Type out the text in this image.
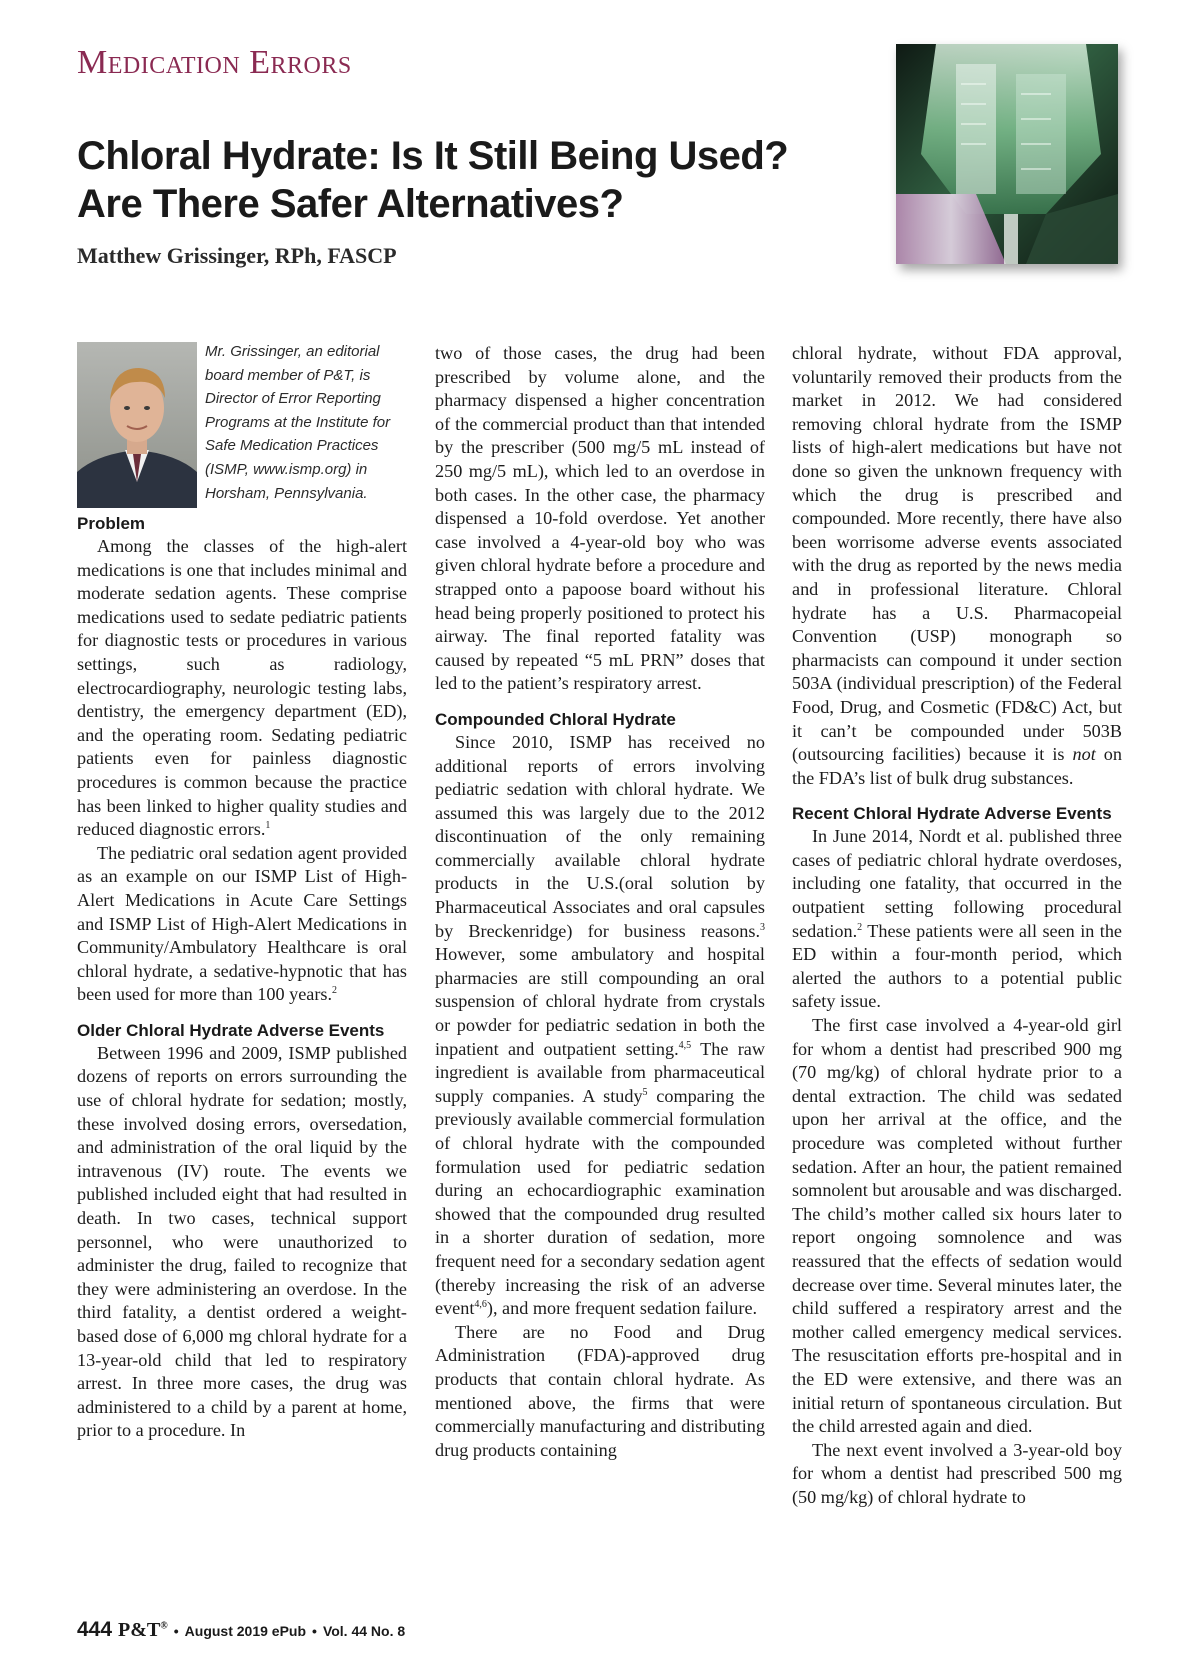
Medication Errors
Chloral Hydrate: Is It Still Being Used?
Are There Safer Alternatives?
Matthew Grissinger, RPh, FASCP
Mr. Grissinger, an editorial board member of P&T, is Director of Error Reporting Programs at the Institute for Safe Medication Practices (ISMP, www.ismp.org) in Horsham, Pennsylvania.
Problem

Among the classes of the high-alert medications is one that includes minimal and moderate sedation agents. These comprise medications used to sedate pediatric patients for diagnostic tests or procedures in various settings, such as radiology, electrocardiography, neurologic testing labs, dentistry, the emergency department (ED), and the operating room. Sedating pediatric patients even for painless diagnostic procedures is common because the practice has been linked to higher quality studies and reduced diagnostic errors.$^1$

The pediatric oral sedation agent provided as an example on our ISMP List of High-Alert Medications in Acute Care Settings and ISMP List of High-Alert Medications in Community/Ambulatory Healthcare is oral chloral hydrate, a sedative-hypnotic that has been used for more than 100 years.$^2$

Older Chloral Hydrate Adverse Events

Between 1996 and 2009, ISMP published dozens of reports on errors surrounding the use of chloral hydrate for sedation; mostly, these involved dosing errors, oversedation, and administration of the oral liquid by the intravenous (IV) route. The events we published included eight that had resulted in death. In two cases, technical support personnel, who were unauthorized to administer the drug, failed to recognize that they were administering an overdose. In the third fatality, a dentist ordered a weight-based dose of 6,000 mg chloral hydrate for a 13-year-old child that led to respiratory arrest. In three more cases, the drug was administered to a child by a parent at home, prior to a procedure. In

two of those cases, the drug had been prescribed by volume alone, and the pharmacy dispensed a higher concentration of the commercial product than that intended by the prescriber (500 mg/5 mL instead of 250 mg/5 mL), which led to an overdose in both cases. In the other case, the pharmacy dispensed a 10-fold overdose. Yet another case involved a 4-year-old boy who was given chloral hydrate before a procedure and strapped onto a papoose board without his head being properly positioned to protect his airway. The final reported fatality was caused by repeated “5 mL PRN” doses that led to the patient’s respiratory arrest.

Compounded Chloral Hydrate

Since 2010, ISMP has received no additional reports of errors involving pediatric sedation with chloral hydrate. We assumed this was largely due to the 2012 discontinuation of the only remaining commercially available chloral hydrate products in the U.S.(oral solution by Pharmaceutical Associates and oral capsules by Breckenridge) for business reasons.$^3$ However, some ambulatory and hospital pharmacies are still compounding an oral suspension of chloral hydrate from crystals or powder for pediatric sedation in both the inpatient and outpatient setting.$^{4,5}$ The raw ingredient is available from pharmaceutical supply companies. A study$^5$ comparing the previously available commercial formulation of chloral hydrate with the compounded formulation used for pediatric sedation during an echocardiographic examination showed that the compounded drug resulted in a shorter duration of sedation, more frequent need for a secondary sedation agent (thereby increasing the risk of an adverse event$^{4,6}$), and more frequent sedation failure.

There are no Food and Drug Administration (FDA)-approved drug products that contain chloral hydrate. As mentioned above, the firms that were commercially manufacturing and distributing drug products containing

chloral hydrate, without FDA approval, voluntarily removed their products from the market in 2012. We had considered removing chloral hydrate from the ISMP lists of high-alert medications but have not done so given the unknown frequency with which the drug is prescribed and compounded. More recently, there have also been worrisome adverse events associated with the drug as reported by the news media and in professional literature. Chloral hydrate has a U.S. Pharmacopeial Convention (USP) monograph so pharmacists can compound it under section 503A (individual prescription) of the Federal Food, Drug, and Cosmetic (FD&C) Act, but it can’t be compounded under 503B (outsourcing facilities) because it is not on the FDA’s list of bulk drug substances.

Recent Chloral Hydrate Adverse Events

In June 2014, Nordt et al. published three cases of pediatric chloral hydrate overdoses, including one fatality, that occurred in the outpatient setting following procedural sedation.$^2$ These patients were all seen in the ED within a four-month period, which alerted the authors to a potential public safety issue.

The first case involved a 4-year-old girl for whom a dentist had prescribed 900 mg (70 mg/kg) of chloral hydrate prior to a dental extraction. The child was sedated upon her arrival at the office, and the procedure was completed without further sedation. After an hour, the patient remained somnolent but arousable and was discharged. The child’s mother called six hours later to report ongoing somnolence and was reassured that the effects of sedation would decrease over time. Several minutes later, the child suffered a respiratory arrest and the mother called emergency medical services. The resuscitation efforts pre-hospital and in the ED were extensive, and there was an initial return of spontaneous circulation. But the child arrested again and died.

The next event involved a 3-year-old boy for whom a dentist had prescribed 500 mg (50 mg/kg) of chloral hydrate to

444 P&T® • August 2019 ePub • Vol. 44 No. 8
